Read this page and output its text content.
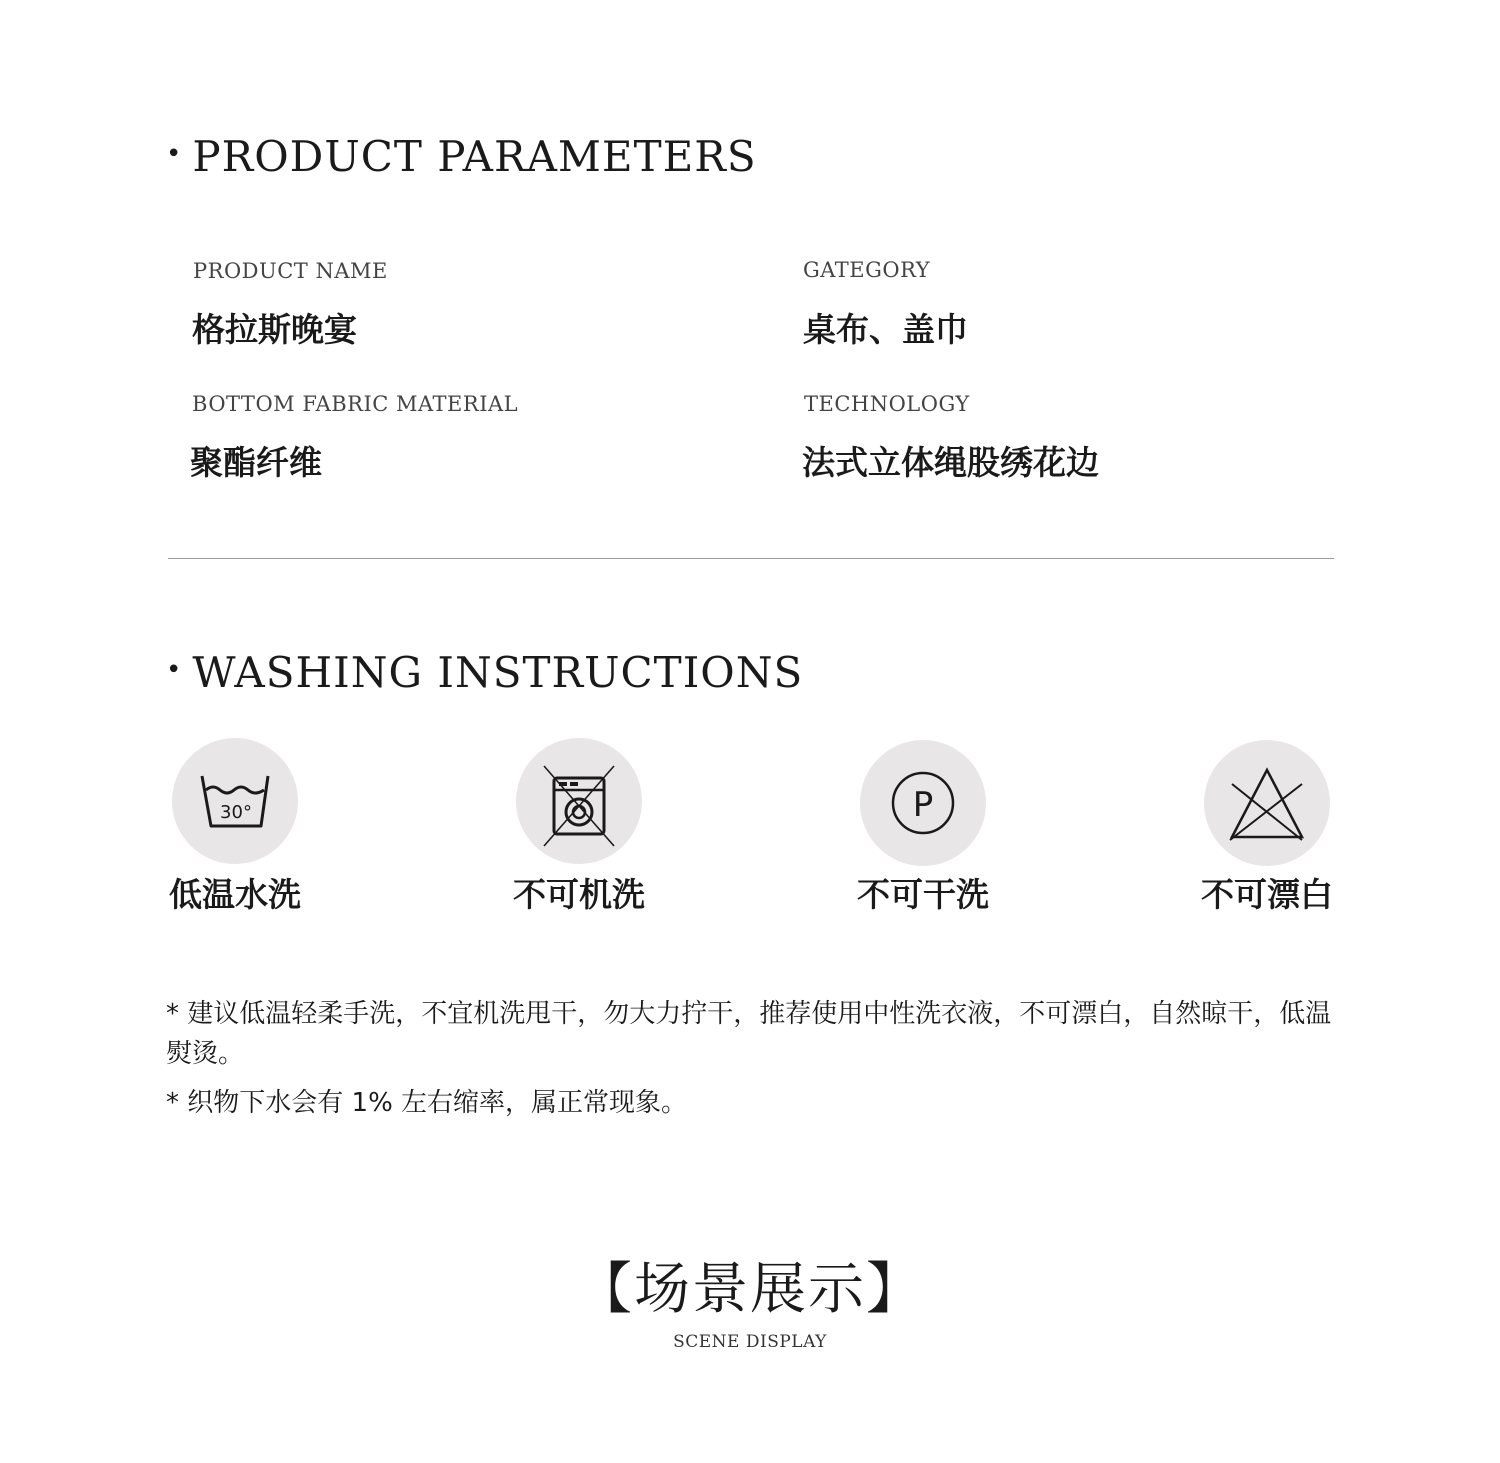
• PRODUCT PARAMETERS
PRODUCT NAME
格拉斯晚宴
GATEGORY
桌布、盖巾
BOTTOM FABRIC MATERIAL
聚酯纤维
TECHNOLOGY
法式立体绳股绣花边
• WASHING INSTRUCTIONS
30°
低温水洗	不可机洗
P
不可干洗	不可漂白
* 建议低温轻柔手洗，不宜机洗甩干，勿大力拧干，推荐使用中性洗衣液，不可漂白，自然晾干，低温熨烫。
* 织物下水会有 1% 左右缩率，属正常现象。
【场景展示】
SCENE DISPLAY
